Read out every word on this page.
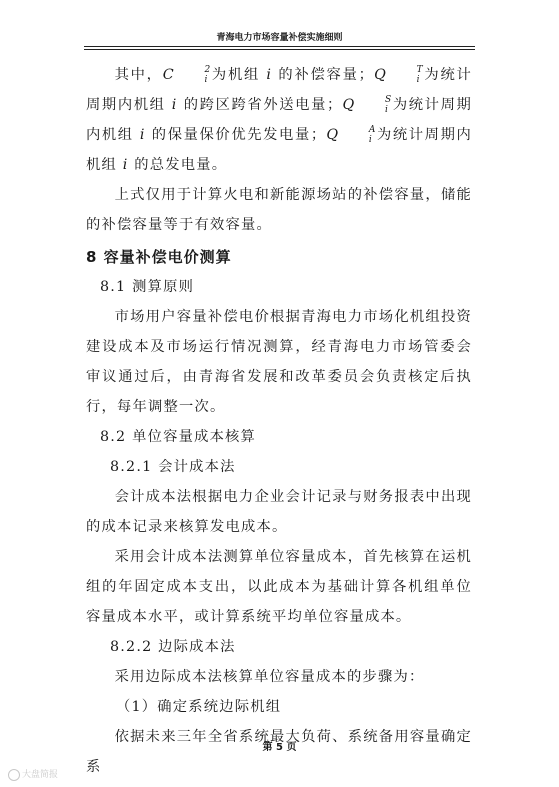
青海电力市场容量补偿实施细则

其中，C	2
i 为机组 i 的补偿容量；Q	T
i 为统计周期内机组 i 的跨区跨省外送电量；Q	S
i 为统计周期内机组 i 的保量保价优先发电量；Q	A
i 为统计周期内机组 i 的总发电量。

上式仅用于计算火电和新能源场站的补偿容量，储能的补偿容量等于有效容量。

8 容量补偿电价测算

8.1 测算原则

市场用户容量补偿电价根据青海电力市场化机组投资建设成本及市场运行情况测算，经青海电力市场管委会审议通过后，由青海省发展和改革委员会负责核定后执行，每年调整一次。

8.2 单位容量成本核算

8.2.1 会计成本法

会计成本法根据电力企业会计记录与财务报表中出现的成本记录来核算发电成本。

采用会计成本法测算单位容量成本，首先核算在运机组的年固定成本支出，以此成本为基础计算各机组单位容量成本水平，或计算系统平均单位容量成本。

8.2.2 边际成本法

采用边际成本法核算单位容量成本的步骤为：

（1）确定系统边际机组

依据未来三年全省系统最大负荷、系统备用容量确定系

第 5 页
大盘简报
